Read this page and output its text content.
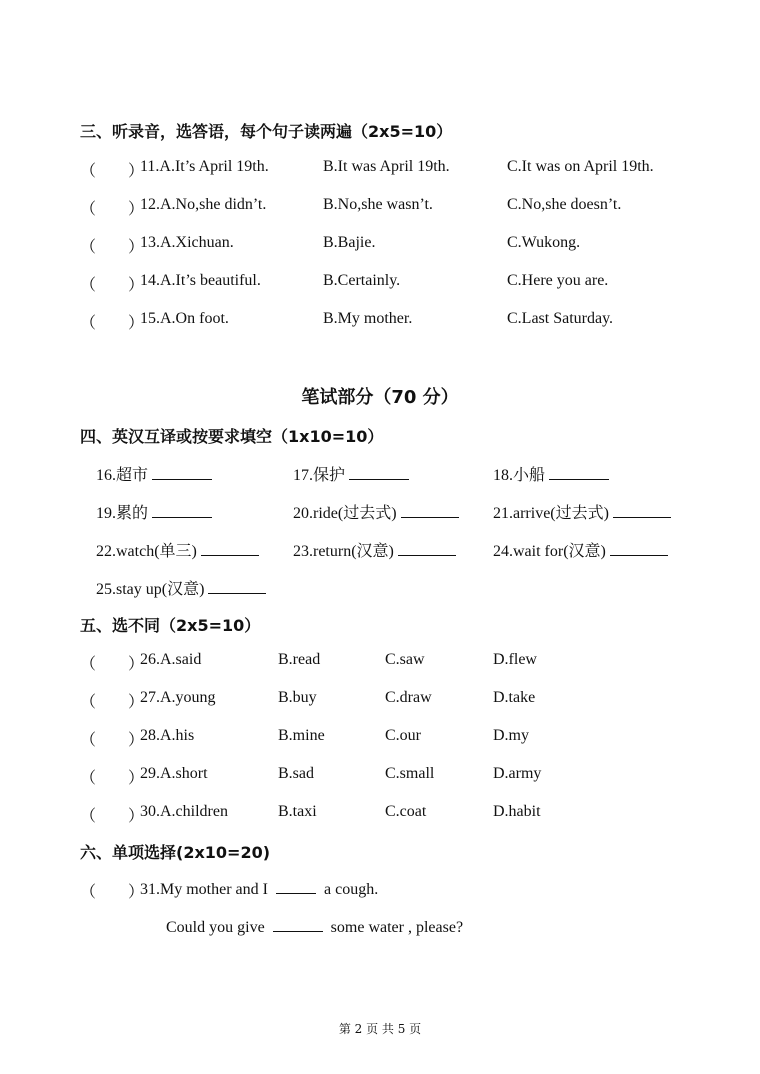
三、听录音，选答语，每个句子读两遍（2x5=10）
（　　）
11.A.It’s April 19th.	B.It was April 19th.	C.It was on April 19th.
（　　）
12.A.No,she didn’t.	B.No,she wasn’t.	C.No,she doesn’t.
（　　）
13.A.Xichuan.	B.Bajie.	C.Wukong.
（　　）
14.A.It’s beautiful.	B.Certainly.	C.Here you are.
（　　）
15.A.On foot.	B.My mother.	C.Last Saturday.
笔试部分（70 分）
四、英汉互译或按要求填空（1x10=10）
16.超市	17.保护	18.小船
19.累的	20.ride(过去式)	21.arrive(过去式)
22.watch(单三)	23.return(汉意)	24.wait for(汉意)
25.stay up(汉意)
五、选不同（2x5=10）
（　　）
26.A.said	B.read	C.saw	D.flew
（　　）
27.A.young	B.buy	C.draw	D.take
（　　）
28.A.his	B.mine	C.our	D.my
（　　）
29.A.short	B.sad	C.small	D.army
（　　）
30.A.children	B.taxi	C.coat	D.habit
六、单项选择(2x10=20)
（　　）
31.My mother and I	a cough.
Could you give	some water , please?
第 2 页 共 5 页
